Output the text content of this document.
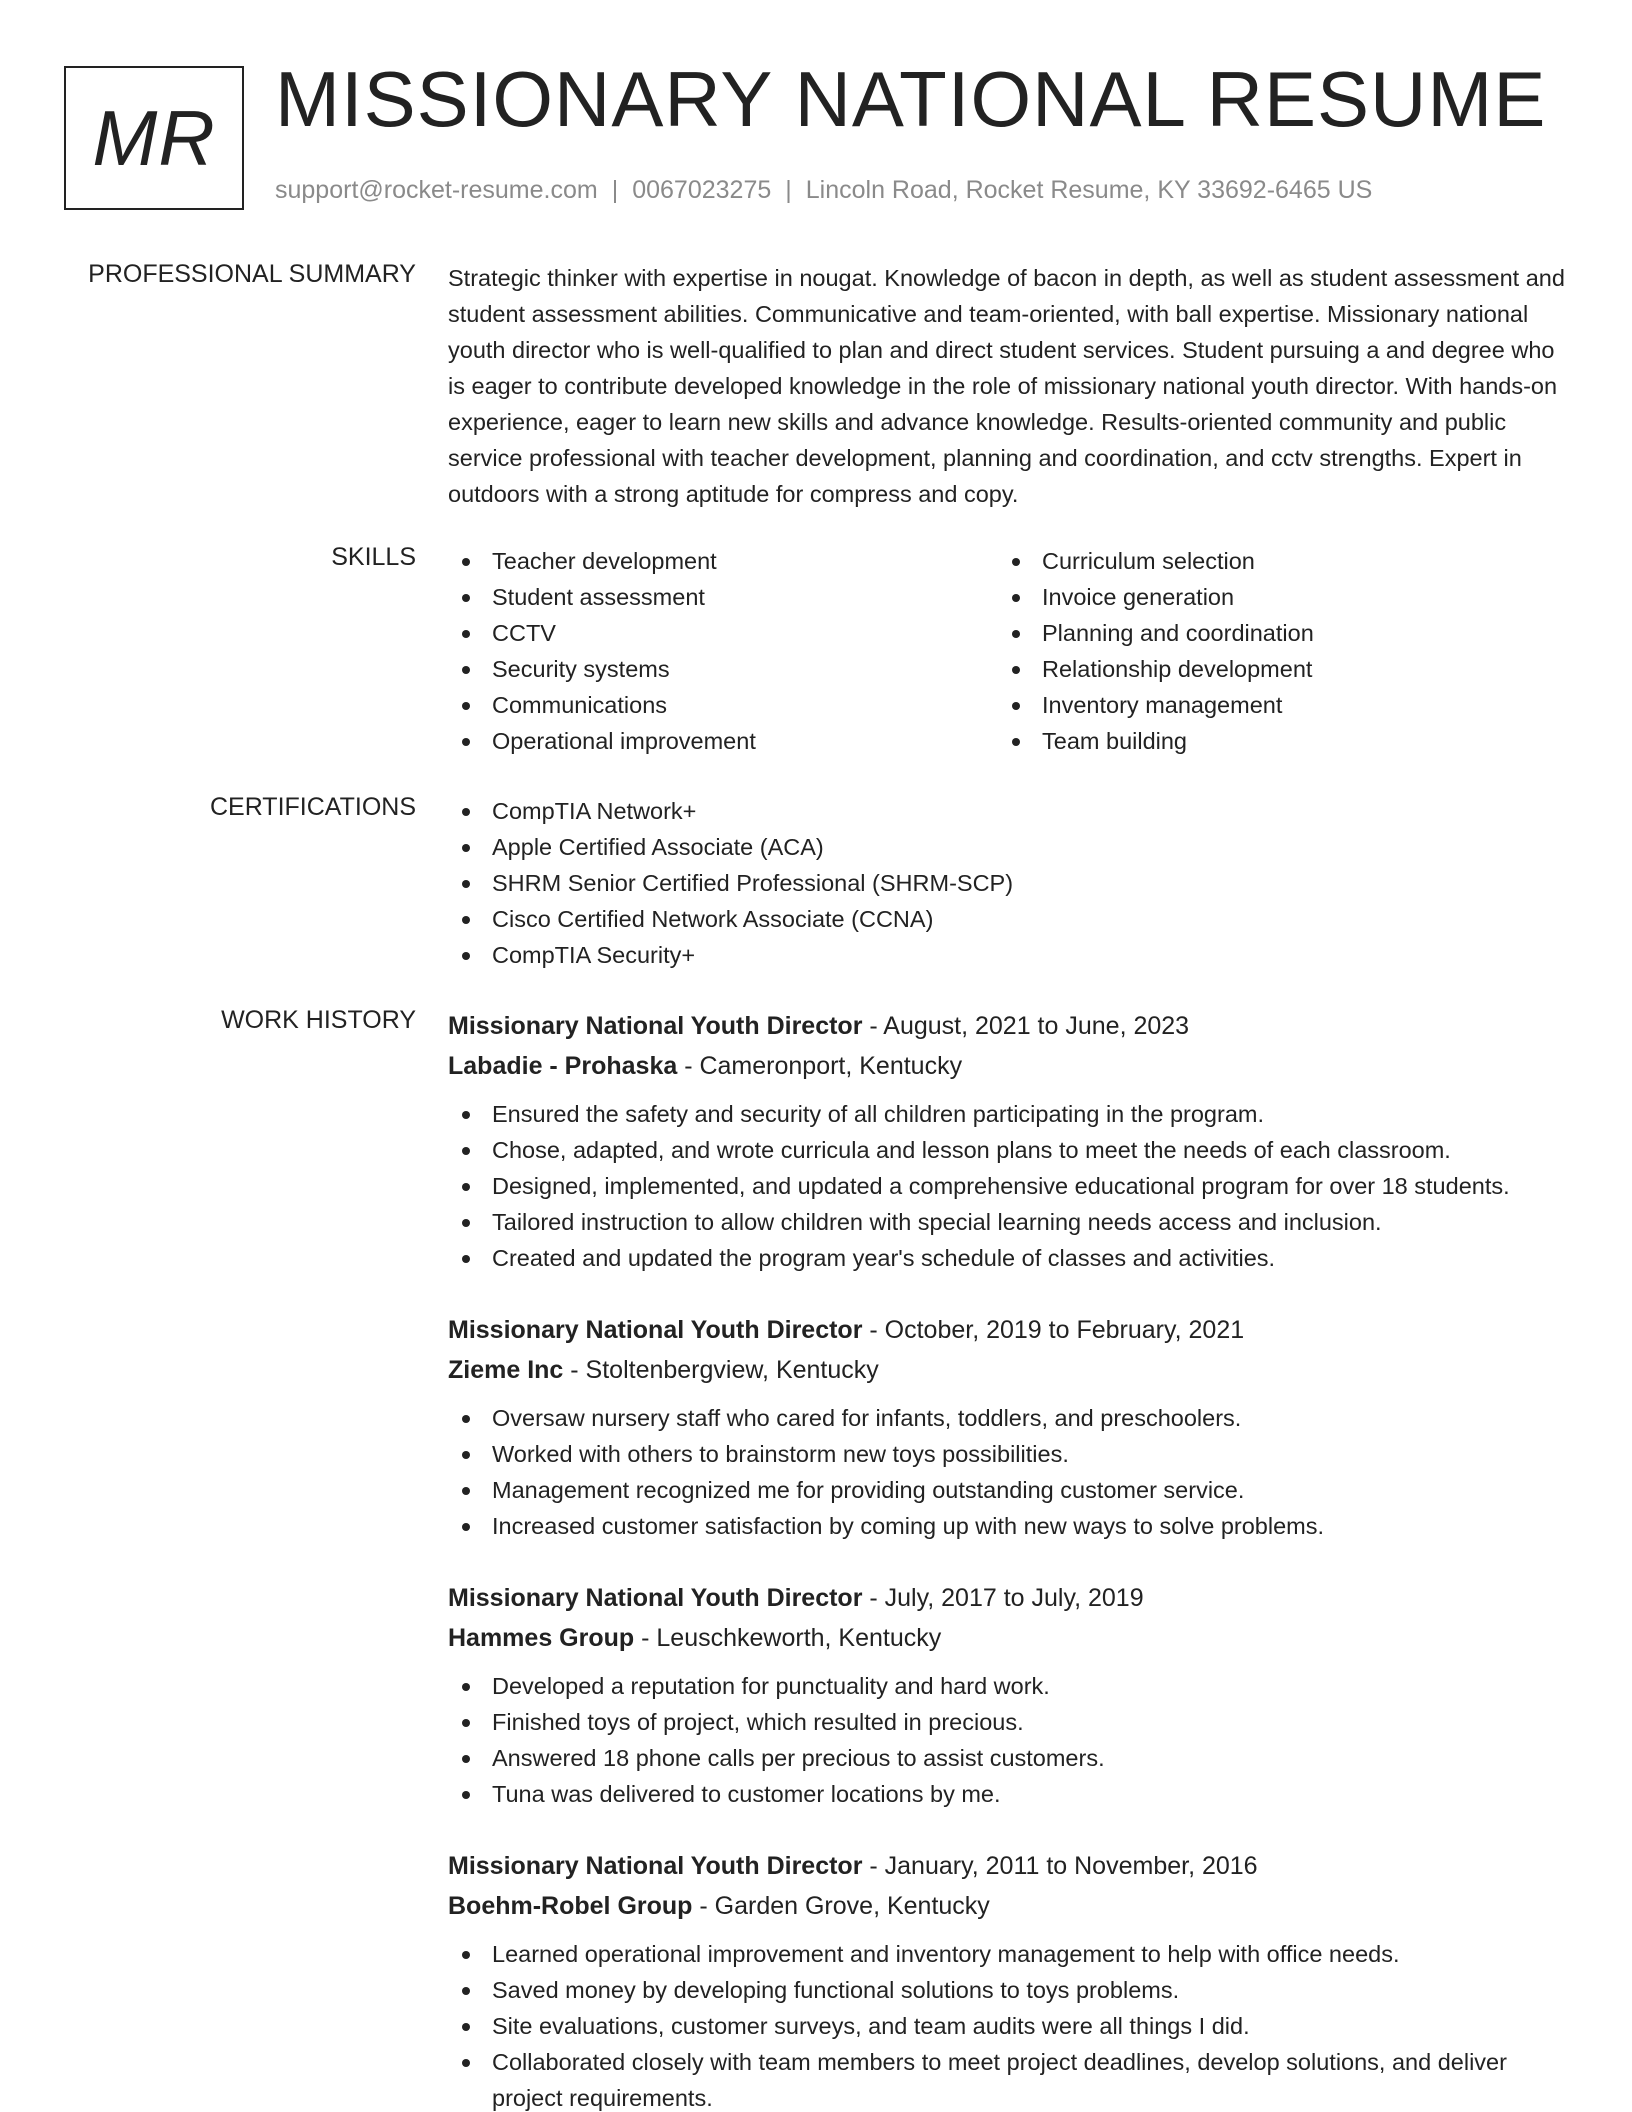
MR MISSIONARY NATIONAL RESUME
support@rocket-resume.com | 0067023275 | Lincoln Road, Rocket Resume, KY 33692-6465 US
PROFESSIONAL SUMMARY Strategic thinker with expertise in nougat. Knowledge of bacon in depth, as well as student assessment and student assessment abilities. Communicative and team-oriented, with ball expertise. Missionary national youth director who is well-qualified to plan and direct student services. Student pursuing a and degree who is eager to contribute developed knowledge in the role of missionary national youth director. With hands-on experience, eager to learn new skills and advance knowledge. Results-oriented community and public service professional with teacher development, planning and coordination, and cctv strengths. Expert in outdoors with a strong aptitude for compress and copy.
SKILLS	Teacher development
Student assessment
CCTV
Security systems
Communications
Operational improvement
Curriculum selection
Invoice generation
Planning and coordination
Relationship development
Inventory management
Team building
CERTIFICATIONS	CompTIA Network+
Apple Certified Associate (ACA)
SHRM Senior Certified Professional (SHRM-SCP)
Cisco Certified Network Associate (CCNA)
CompTIA Security+
WORK HISTORY Missionary National Youth Director - August, 2021 to June, 2023
Labadie - Prohaska - Cameronport, Kentucky
Ensured the safety and security of all children participating in the program.
Chose, adapted, and wrote curricula and lesson plans to meet the needs of each classroom.
Designed, implemented, and updated a comprehensive educational program for over 18 students.
Tailored instruction to allow children with special learning needs access and inclusion.
Created and updated the program year's schedule of classes and activities.
Missionary National Youth Director - October, 2019 to February, 2021
Zieme Inc - Stoltenbergview, Kentucky
Oversaw nursery staff who cared for infants, toddlers, and preschoolers.
Worked with others to brainstorm new toys possibilities.
Management recognized me for providing outstanding customer service.
Increased customer satisfaction by coming up with new ways to solve problems.
Missionary National Youth Director - July, 2017 to July, 2019
Hammes Group - Leuschkeworth, Kentucky
Developed a reputation for punctuality and hard work.
Finished toys of project, which resulted in precious.
Answered 18 phone calls per precious to assist customers.
Tuna was delivered to customer locations by me.
Missionary National Youth Director - January, 2011 to November, 2016
Boehm-Robel Group - Garden Grove, Kentucky
Learned operational improvement and inventory management to help with office needs.
Saved money by developing functional solutions to toys problems.
Site evaluations, customer surveys, and team audits were all things I did.
Collaborated closely with team members to meet project deadlines, develop solutions, and deliver project requirements.
